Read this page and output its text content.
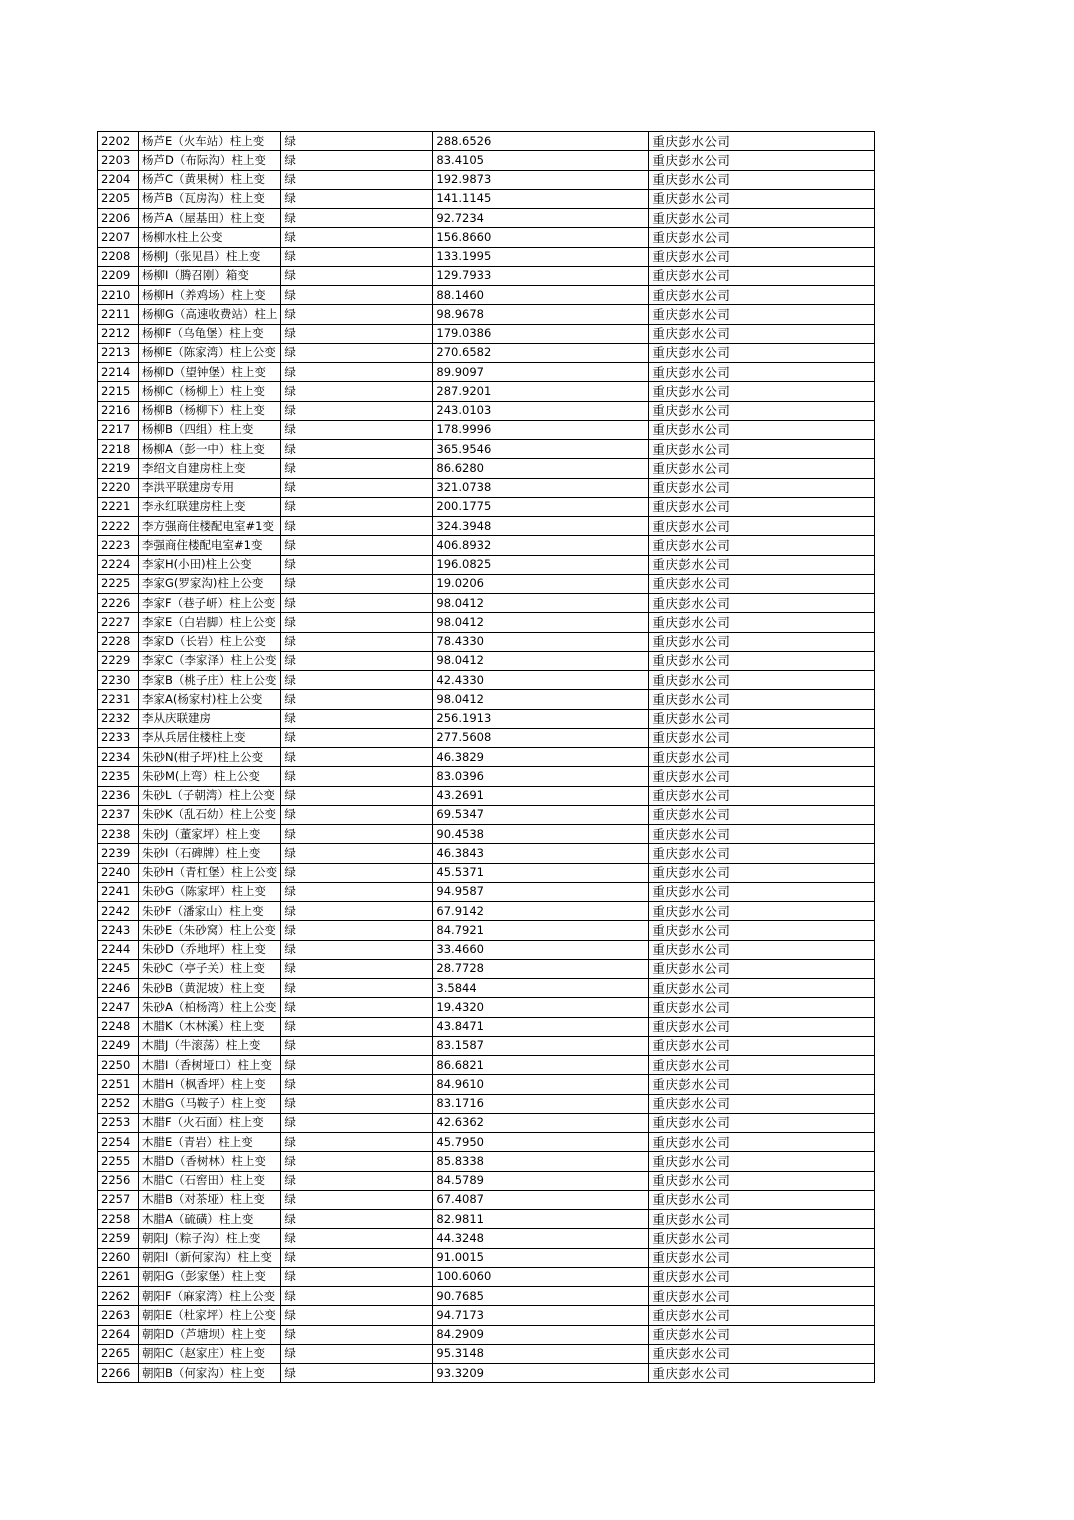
2202	杨芦E（火车站）柱上变	绿	288.6526	重庆彭水公司
2203	杨芦D（布际沟）柱上变	绿	83.4105	重庆彭水公司
2204	杨芦C（黄果树）柱上变	绿	192.9873	重庆彭水公司
2205	杨芦B（瓦房沟）柱上变	绿	141.1145	重庆彭水公司
2206	杨芦A（屋基田）柱上变	绿	92.7234	重庆彭水公司
2207	杨柳水柱上公变	绿	156.8660	重庆彭水公司
2208	杨柳J（张见昌）柱上变	绿	133.1995	重庆彭水公司
2209	杨柳I（腾召刚）箱变	绿	129.7933	重庆彭水公司
2210	杨柳H（养鸡场）柱上变	绿	88.1460	重庆彭水公司
2211	杨柳G（高速收费站）柱上	绿	98.9678	重庆彭水公司
2212	杨柳F（乌龟堡）柱上变	绿	179.0386	重庆彭水公司
2213	杨柳E（陈家湾）柱上公变	绿	270.6582	重庆彭水公司
2214	杨柳D（望钟堡）柱上变	绿	89.9097	重庆彭水公司
2215	杨柳C（杨柳上）柱上变	绿	287.9201	重庆彭水公司
2216	杨柳B（杨柳下）柱上变	绿	243.0103	重庆彭水公司
2217	杨柳B（四组）柱上变	绿	178.9996	重庆彭水公司
2218	杨柳A（彭一中）柱上变	绿	365.9546	重庆彭水公司
2219	李绍文自建房柱上变	绿	86.6280	重庆彭水公司
2220	李洪平联建房专用	绿	321.0738	重庆彭水公司
2221	李永红联建房柱上变	绿	200.1775	重庆彭水公司
2222	李方强商住楼配电室#1变	绿	324.3948	重庆彭水公司
2223	李强商住楼配电室#1变	绿	406.8932	重庆彭水公司
2224	李家H(小田)柱上公变	绿	196.0825	重庆彭水公司
2225	李家G(罗家沟)柱上公变	绿	19.0206	重庆彭水公司
2226	李家F（巷子岍）柱上公变	绿	98.0412	重庆彭水公司
2227	李家E（白岩脚）柱上公变	绿	98.0412	重庆彭水公司
2228	李家D（长岩）柱上公变	绿	78.4330	重庆彭水公司
2229	李家C（李家泽）柱上公变	绿	98.0412	重庆彭水公司
2230	李家B（桃子庄）柱上公变	绿	42.4330	重庆彭水公司
2231	李家A(杨家村)柱上公变	绿	98.0412	重庆彭水公司
2232	李从庆联建房	绿	256.1913	重庆彭水公司
2233	李从兵居住楼柱上变	绿	277.5608	重庆彭水公司
2234	朱砂N(柑子坪)柱上公变	绿	46.3829	重庆彭水公司
2235	朱砂M(上弯）柱上公变	绿	83.0396	重庆彭水公司
2236	朱砂L（子朝湾）柱上公变	绿	43.2691	重庆彭水公司
2237	朱砂K（乱石幼）柱上公变	绿	69.5347	重庆彭水公司
2238	朱砂J（董家坪）柱上变	绿	90.4538	重庆彭水公司
2239	朱砂I（石碑牌）柱上变	绿	46.3843	重庆彭水公司
2240	朱砂H（青杠堡）柱上公变	绿	45.5371	重庆彭水公司
2241	朱砂G（陈家坪）柱上变	绿	94.9587	重庆彭水公司
2242	朱砂F（潘家山）柱上变	绿	67.9142	重庆彭水公司
2243	朱砂E（朱砂窝）柱上公变	绿	84.7921	重庆彭水公司
2244	朱砂D（乔地坪）柱上变	绿	33.4660	重庆彭水公司
2245	朱砂C（亭子关）柱上变	绿	28.7728	重庆彭水公司
2246	朱砂B（黄泥坡）柱上变	绿	3.5844	重庆彭水公司
2247	朱砂A（柏杨湾）柱上公变	绿	19.4320	重庆彭水公司
2248	木腊K（木林溪）柱上变	绿	43.8471	重庆彭水公司
2249	木腊J（牛滚荡）柱上变	绿	83.1587	重庆彭水公司
2250	木腊I（香树垭口）柱上变	绿	86.6821	重庆彭水公司
2251	木腊H（枫香坪）柱上变	绿	84.9610	重庆彭水公司
2252	木腊G（马鞍子）柱上变	绿	83.1716	重庆彭水公司
2253	木腊F（火石面）柱上变	绿	42.6362	重庆彭水公司
2254	木腊E（青岩）柱上变	绿	45.7950	重庆彭水公司
2255	木腊D（香树林）柱上变	绿	85.8338	重庆彭水公司
2256	木腊C（石窖田）柱上变	绿	84.5789	重庆彭水公司
2257	木腊B（对茶垭）柱上变	绿	67.4087	重庆彭水公司
2258	木腊A（硫磺）柱上变	绿	82.9811	重庆彭水公司
2259	朝阳J（粽子沟）柱上变	绿	44.3248	重庆彭水公司
2260	朝阳I（新何家沟）柱上变	绿	91.0015	重庆彭水公司
2261	朝阳G（彭家堡）柱上变	绿	100.6060	重庆彭水公司
2262	朝阳F（麻家湾）柱上公变	绿	90.7685	重庆彭水公司
2263	朝阳E（杜家坪）柱上公变	绿	94.7173	重庆彭水公司
2264	朝阳D（芦塘坝）柱上变	绿	84.2909	重庆彭水公司
2265	朝阳C（赵家庄）柱上变	绿	95.3148	重庆彭水公司
2266	朝阳B（何家沟）柱上变	绿	93.3209	重庆彭水公司
